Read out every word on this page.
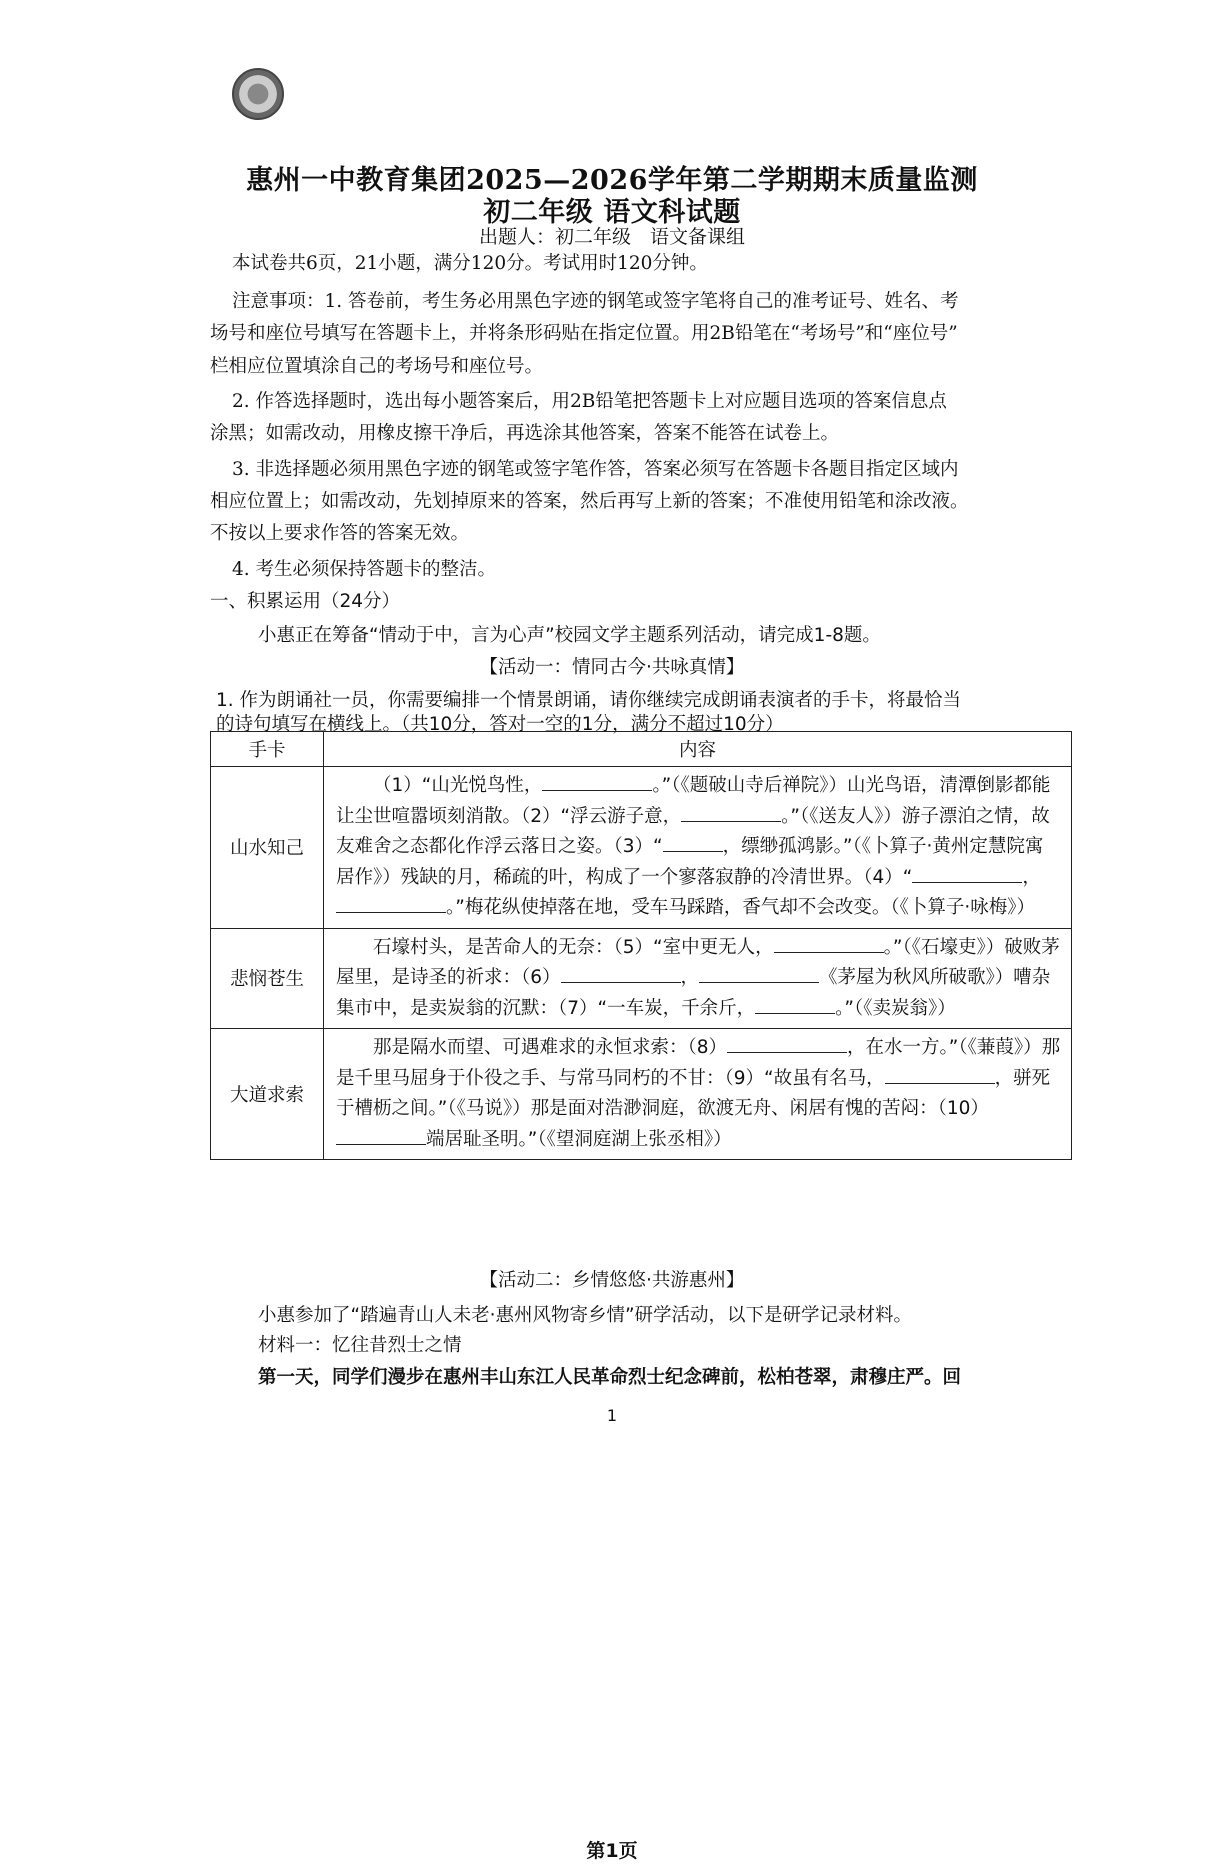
惠州一中教育集团2025—2026学年第二学期期末质量监测
初二年级 语文科试题
出题人：初二年级　语文备课组
本试卷共6页，21小题，满分120分。考试用时120分钟。
注意事项：1. 答卷前，考生务必用黑色字迹的钢笔或签字笔将自己的准考证号、姓名、考
场号和座位号填写在答题卡上，并将条形码贴在指定位置。用2B铅笔在“考场号”和“座位号”
栏相应位置填涂自己的考场号和座位号。
2. 作答选择题时，选出每小题答案后，用2B铅笔把答题卡上对应题目选项的答案信息点
涂黑；如需改动，用橡皮擦干净后，再选涂其他答案，答案不能答在试卷上。
3. 非选择题必须用黑色字迹的钢笔或签字笔作答，答案必须写在答题卡各题目指定区域内
相应位置上；如需改动，先划掉原来的答案，然后再写上新的答案；不准使用铅笔和涂改液。
不按以上要求作答的答案无效。
4. 考生必须保持答题卡的整洁。
一、积累运用（24分）
小惠正在筹备“情动于中，言为心声”校园文学主题系列活动，请完成1-8题。
【活动一：情同古今·共咏真情】
1. 作为朗诵社一员，你需要编排一个情景朗诵，请你继续完成朗诵表演者的手卡，将最恰当
的诗句填写在横线上。（共10分，答对一空的1分，满分不超过10分）
手卡	内容
山水知己	（1）“山光悦鸟性， 。”（《题破山寺后禅院》）山光鸟语，清潭倒影都能让尘世喧嚣顷刻消散。（2）“浮云游子意， 。”（《送友人》）游子漂泊之情，故友难舍之态都化作浮云落日之姿。（3）“ ，缥缈孤鸿影。”（《卜算子·黄州定慧院寓居作》）残缺的月，稀疏的叶，构成了一个寥落寂静的冷清世界。（4）“ ，。”梅花纵使掉落在地，受车马踩踏，香气却不会改变。（《卜算子·咏梅》）
悲悯苍生	石壕村头，是苦命人的无奈：（5）“室中更无人， 。”（《石壕吏》）破败茅屋里，是诗圣的祈求：（6） ， 《茅屋为秋风所破歌》）嘈杂集市中，是卖炭翁的沉默：（7）“一车炭，千余斤， 。”（《卖炭翁》）
大道求索	那是隔水而望、可遇难求的永恒求索：（8） ，在水一方。”（《蒹葭》）那是千里马屈身于仆役之手、与常马同朽的不甘：（9）“故虽有名马， ，骈死于槽枥之间。”（《马说》）那是面对浩渺洞庭，欲渡无舟、闲居有愧的苦闷：（10）端居耻圣明。”（《望洞庭湖上张丞相》）
【活动二：乡情悠悠·共游惠州】
小惠参加了“踏遍青山人未老·惠州风物寄乡情”研学活动，以下是研学记录材料。
材料一：忆往昔烈士之情
第一天，同学们漫步在惠州丰山东江人民革命烈士纪念碑前，松柏苍翠，肃穆庄严。回
1
第1页
